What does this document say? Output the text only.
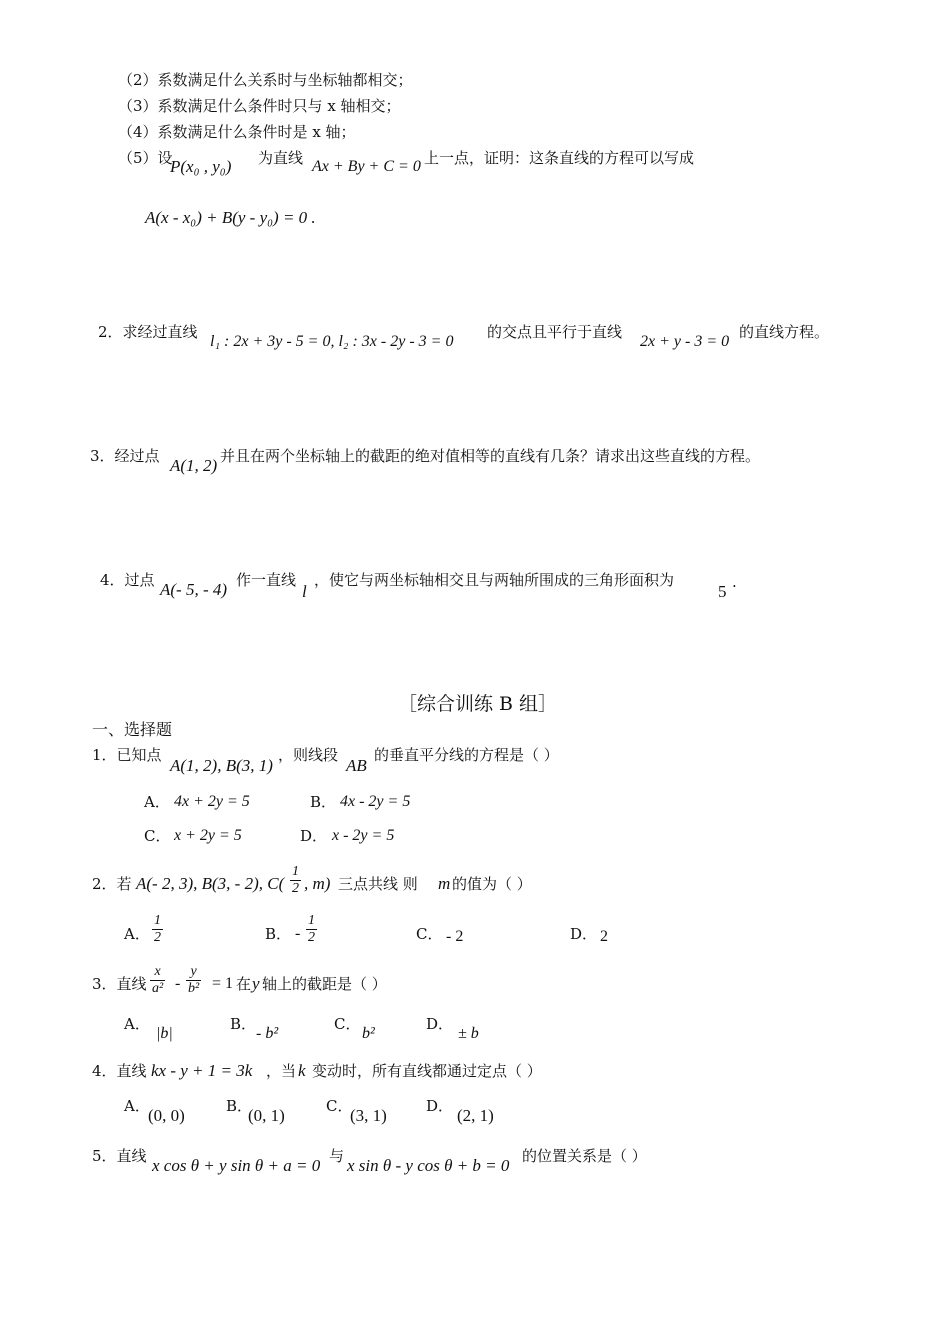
（2）系数满足什么关系时与坐标轴都相交；
（3）系数满足什么条件时只与 x 轴相交；
（4）系数满足什么条件时是 x 轴；
（5）设
P(x₀ , y₀) 为直线 Ax + By + C = 0 上一点，证明：这条直线的方程可以写成
A(x - x₀) + B(y - y₀) = 0 .
2．求经过直线
l₁ : 2x + 3y - 5 = 0, l₂ : 3x - 2y - 3 = 0
的交点且平行于直线
2x + y - 3 = 0
的直线方程。
3．经过点 A(1, 2) 并且在两个坐标轴上的截距的绝对值相等的直线有几条？请求出这些直线的方程。
4．过点 A(- 5, - 4) 作一直线
l
，使它与两坐标轴相交且与两轴所围成的三角形面积为
5 .
［综合训练 B 组］
一、选择题
1．已知点
A(1, 2), B(3, 1)
，则线段
AB
的垂直平分线的方程是（ ）
A． 4x + 2y = 5	B． 4x - 2y = 5
C． x + 2y = 5	D． x - 2y = 5
2．若 A(- 2, 3), B(3, - 2), $C( \frac{1}{2}$ , m) 三点共线 则 m 的值为（ ）
A． $\frac{1}{2}$	B． - $\frac{1}{2}$	C． - 2	D． 2
3．直线 $\frac{x}{\text{a²}} - \frac{y}{\text{b²}} = 1$ 在 y 轴上的截距是（ ）
A．
|b|
B．
- b²
C．
b²
D．
± b
4．直线 kx - y + 1 = 3k ，当 k 变动时，所有直线都通过定点（ ）
A．
(0, 0)	B．
(0, 1)	C．
(3, 1)	D． (2, 1)
5．直线 x cos θ + y sin θ + a = 0 与 x sin θ - y cos θ + b = 0 的位置关系是（ ）
